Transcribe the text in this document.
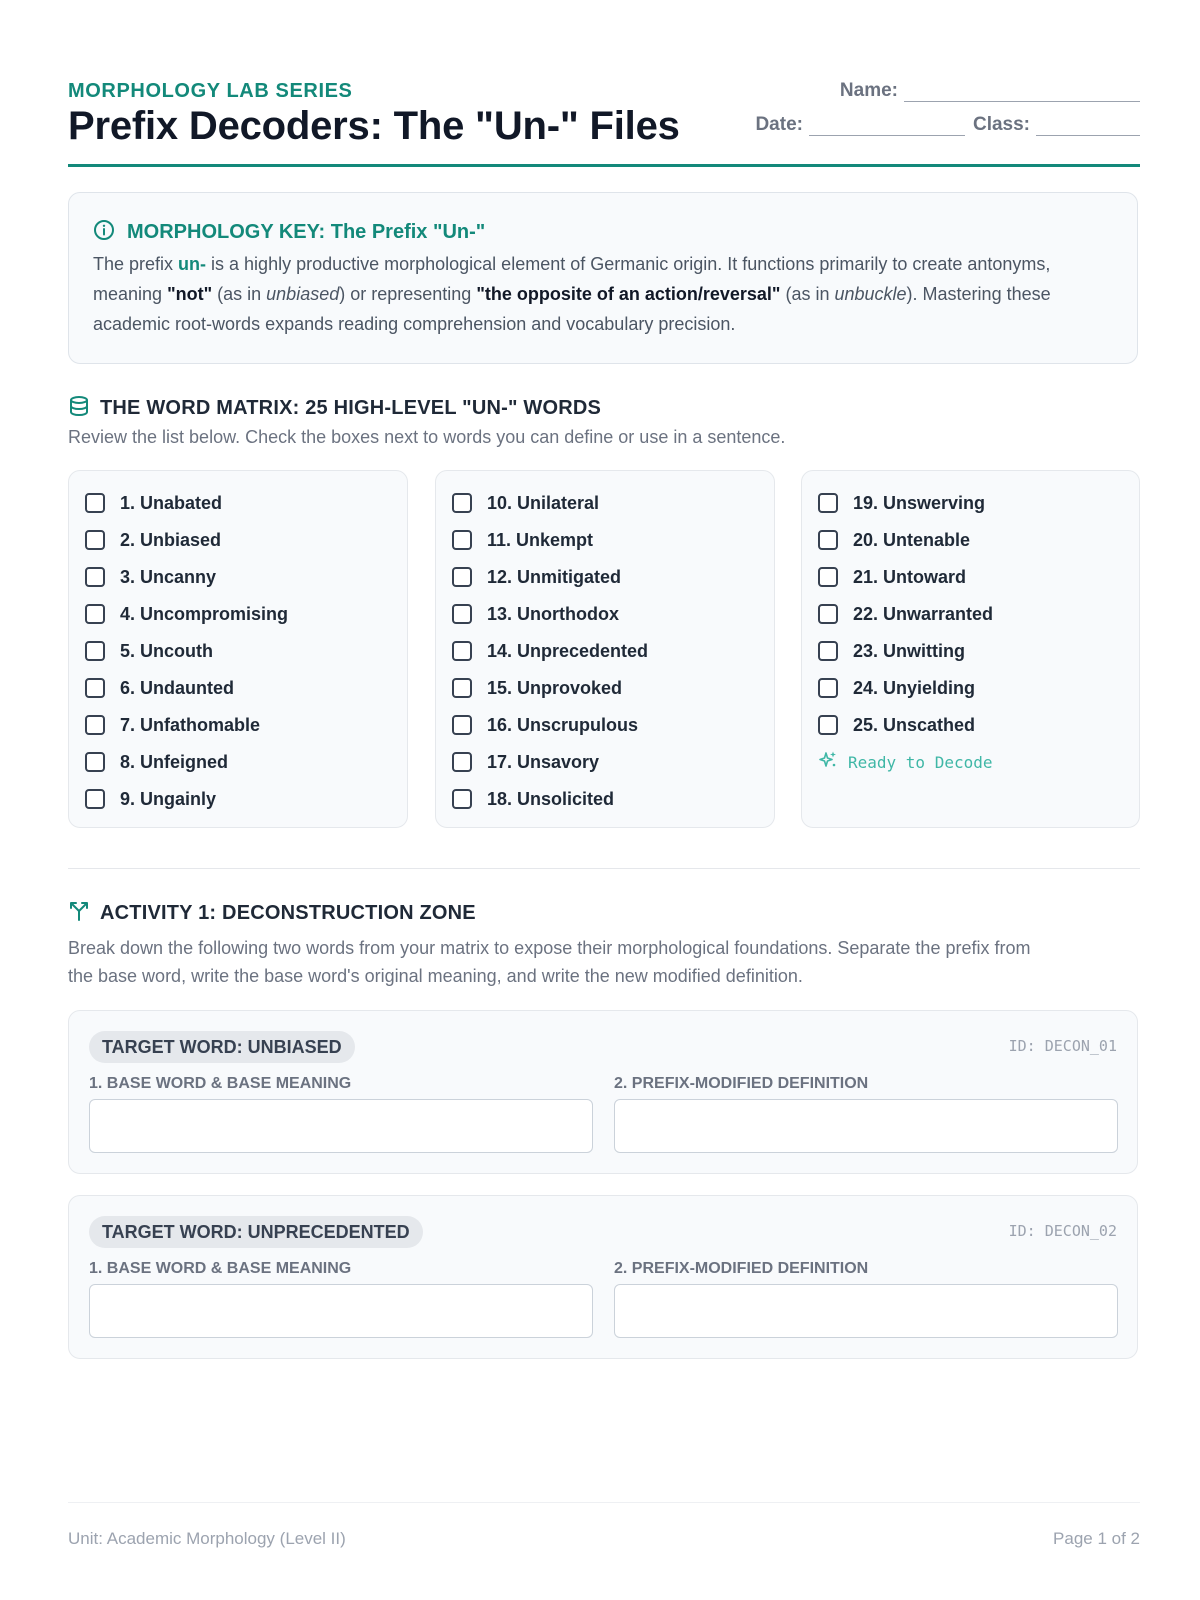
MORPHOLOGY LAB SERIES
Prefix Decoders: The "Un-" Files
Name:
Date:	Class:
MORPHOLOGY KEY: The Prefix "Un-"
The prefix un- is a highly productive morphological element of Germanic origin. It functions primarily to create antonyms, meaning "not" (as in unbiased) or representing "the opposite of an action/reversal" (as in unbuckle). Mastering these academic root-words expands reading comprehension and vocabulary precision.
THE WORD MATRIX: 25 HIGH-LEVEL "UN-" WORDS
Review the list below. Check the boxes next to words you can define or use in a sentence.
1. Unabated
2. Unbiased
3. Uncanny
4. Uncompromising
5. Uncouth
6. Undaunted
7. Unfathomable
8. Unfeigned
9. Ungainly
10. Unilateral
11. Unkempt
12. Unmitigated
13. Unorthodox
14. Unprecedented
15. Unprovoked
16. Unscrupulous
17. Unsavory
18. Unsolicited
19. Unswerving
20. Untenable
21. Untoward
22. Unwarranted
23. Unwitting
24. Unyielding
25. Unscathed
Ready to Decode
ACTIVITY 1: DECONSTRUCTION ZONE
Break down the following two words from your matrix to expose their morphological foundations. Separate the prefix from
the base word, write the base word's original meaning, and write the new modified definition.
TARGET WORD: UNBIASED	ID: DECON_01
1. BASE WORD & BASE MEANING	2. PREFIX-MODIFIED DEFINITION
TARGET WORD: UNPRECEDENTED	ID: DECON_02
1. BASE WORD & BASE MEANING	2. PREFIX-MODIFIED DEFINITION
Unit: Academic Morphology (Level II)	Page 1 of 2
